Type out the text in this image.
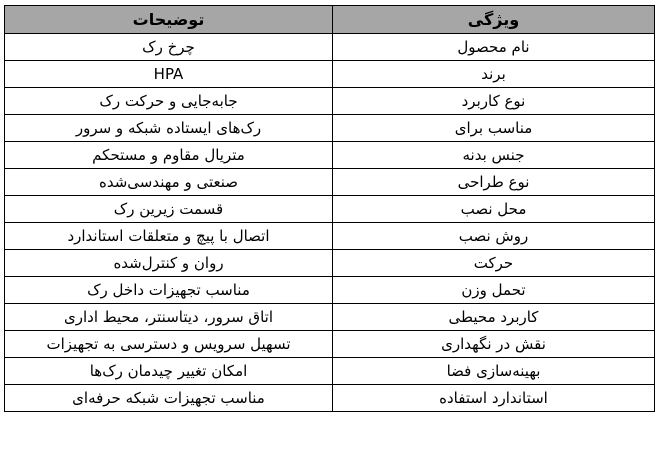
ویژگی	توضیحات
نام محصول	چرخ رک
برند	HPA
نوع کاربرد	جابه‌جایی و حرکت رک
مناسب برای	رک‌های ایستاده شبکه و سرور
جنس بدنه	متریال مقاوم و مستحکم
نوع طراحی	صنعتی و مهندسی‌شده
محل نصب	قسمت زیرین رک
روش نصب	اتصال با پیچ و متعلقات استاندارد
حرکت	روان و کنترل‌شده
تحمل وزن	مناسب تجهیزات داخل رک
کاربرد محیطی	اتاق سرور، دیتاسنتر، محیط اداری
نقش در نگهداری	تسهیل سرویس و دسترسی به تجهیزات
بهینه‌سازی فضا	امکان تغییر چیدمان رک‌ها
استاندارد استفاده	مناسب تجهیزات شبکه حرفه‌ای
